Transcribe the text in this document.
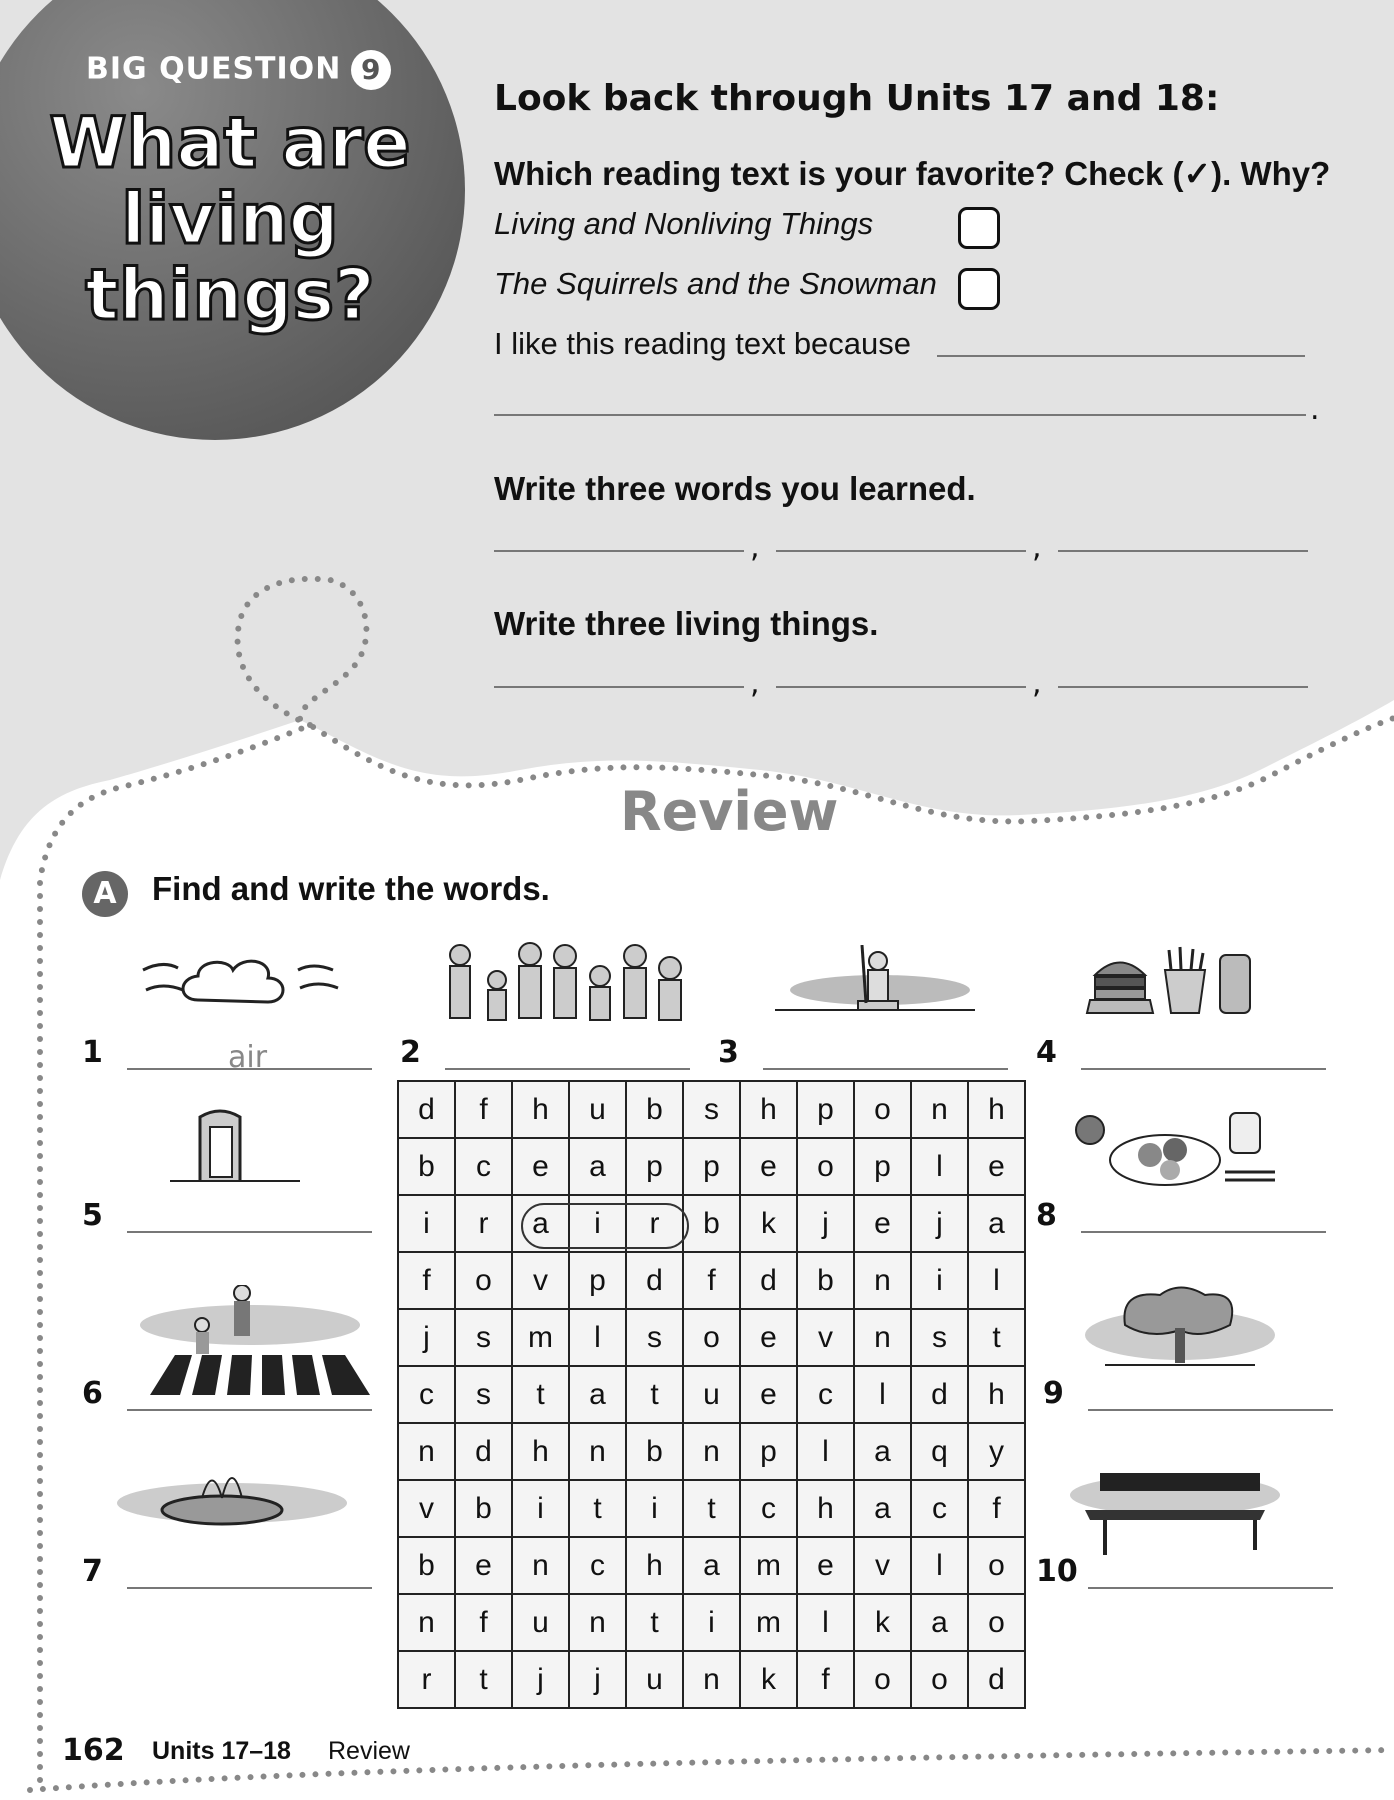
BIG QUESTION 9
What are living things?
Look back through Units 17 and 18:
Which reading text is your favorite? Check (✓). Why?
Living and Nonliving Things
The Squirrels and the Snowman
I like this reading text because
.
Write three words you learned.
,	,
Write three living things.
,	,
Review
A	Find and write the words.
1	air	2	3	4
5
6
7
8
9
10
d	f	h	u	b	s	h	p	o	n	h
b	c	e	a	p	p	e	o	p	l	e
i	r	a	i	r	b	k	j	e	j	a
f	o	v	p	d	f	d	b	n	i	l
j	s	m	l	s	o	e	v	n	s	t
c	s	t	a	t	u	e	c	l	d	h
n	d	h	n	b	n	p	l	a	q	y
v	b	i	t	i	t	c	h	a	c	f
b	e	n	c	h	a	m	e	v	l	o
n	f	u	n	t	i	m	l	k	a	o
r	t	j	j	u	n	k	f	o	o	d
162 Units 17–18 Review
